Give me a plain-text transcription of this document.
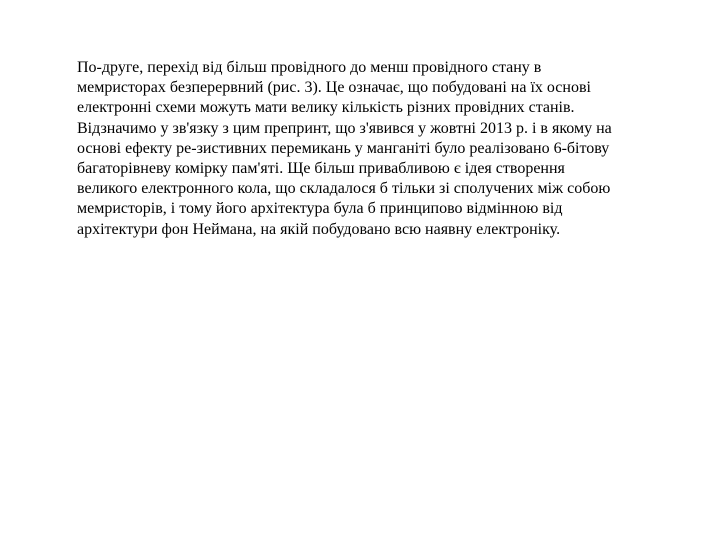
По-друге, перехід від більш провідного до менш провідного стану в
мемристорах безперервний (рис. 3). Це означає, що побудовані на їх основі
електронні схеми можуть мати велику кількість різних провідних станів.
Відзначимо у зв'язку з цим препринт, що з'явився у жовтні 2013 р. і в якому на
основі ефекту ре-зистивних перемикань у манганіті було реалізовано 6-бітову
багаторівневу комірку пам'яті. Ще більш привабливою є ідея створення
великого електронного кола, що складалося б тільки зі сполучених між собою
мемристорів, і тому його архітектура була б принципово відмінною від
архітектури фон Неймана, на якій побудовано всю наявну електроніку.
